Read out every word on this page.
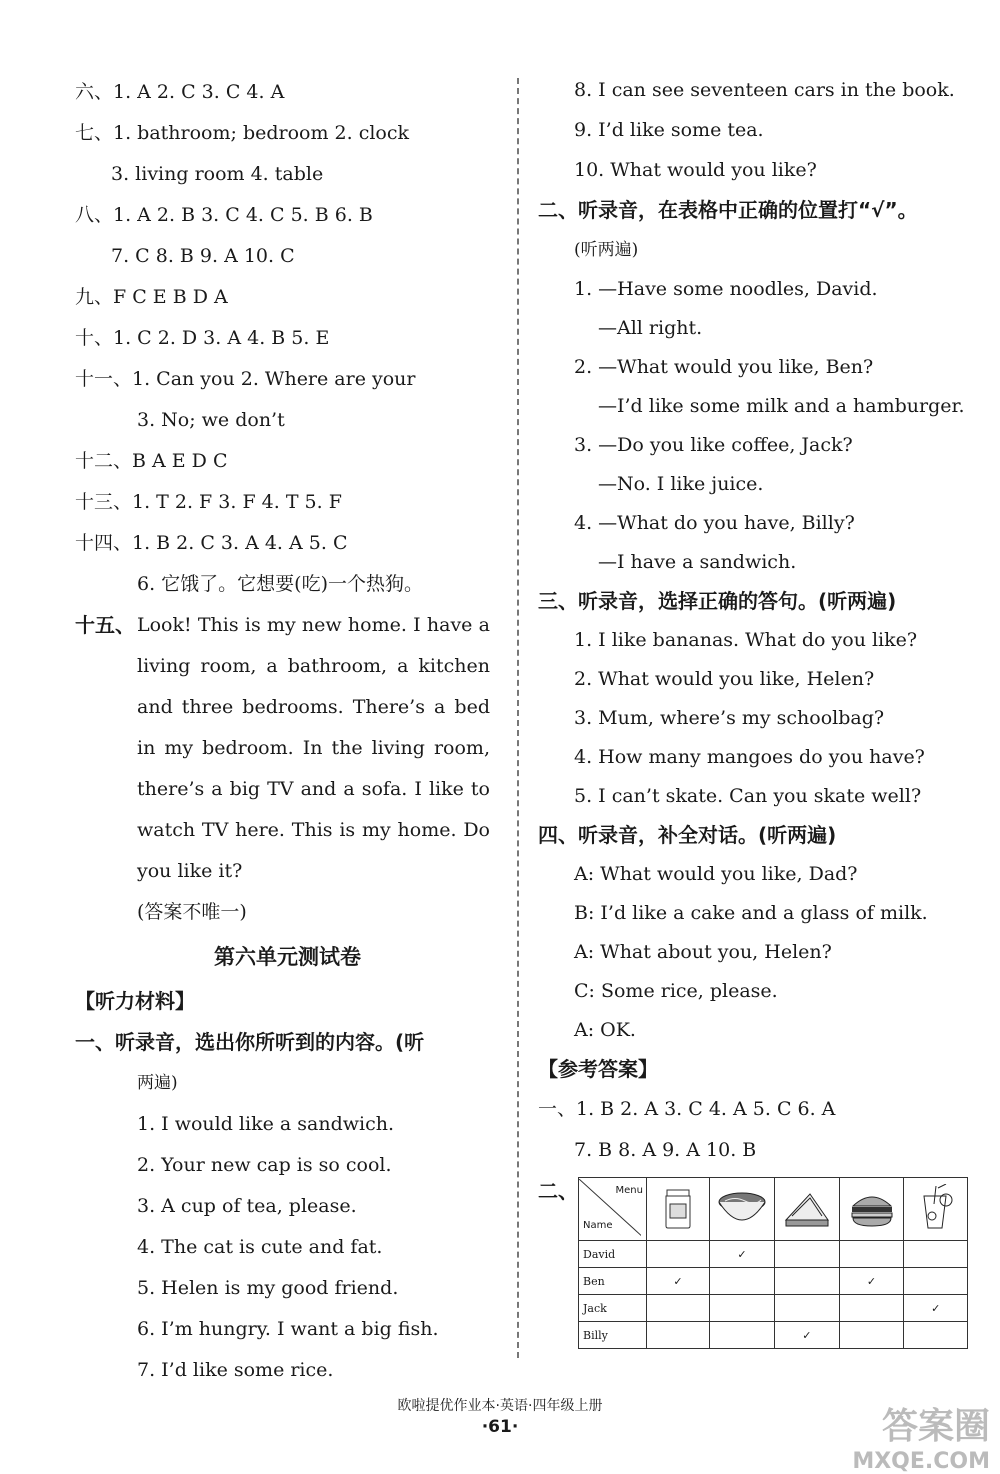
六、1. A 2. C 3. C 4. A
七、1. bathroom; bedroom 2. clock
3. living room 4. table
八、1. A 2. B 3. C 4. C 5. B 6. B
7. C 8. B 9. A 10. C
九、F C E B D A
十、1. C 2. D 3. A 4. B 5. E
十一、1. Can you 2. Where are your
3. No; we don’t
十二、B A E D C
十三、1. T 2. F 3. F 4. T 5. F
十四、1. B 2. C 3. A 4. A 5. C
6. 它饿了。它想要(吃)一个热狗。
十五、 Look! This is my new home. I have a living room, a bathroom, a kitchen and three bedrooms. There’s a bed in my bedroom. In the living room, there’s a big TV and a sofa. I like to watch TV here. This is my home. Do you like it?
(答案不唯一)
第六单元测试卷
【听力材料】
一、听录音，选出你所听到的内容。(听
两遍)
1. I would like a sandwich.
2. Your new cap is so cool.
3. A cup of tea, please.
4. The cat is cute and fat.
5. Helen is my good friend.
6. I’m hungry. I want a big fish.
7. I’d like some rice.
8. I can see seventeen cars in the book.
9. I’d like some tea.
10. What would you like?
二、听录音，在表格中正确的位置打“√”。
(听两遍)
1. —Have some noodles, David.
—All right.
2. —What would you like, Ben?
—I’d like some milk and a hamburger.
3. —Do you like coffee, Jack?
—No. I like juice.
4. —What do you have, Billy?
—I have a sandwich.
三、听录音，选择正确的答句。(听两遍)
1. I like bananas. What do you like?
2. What would you like, Helen?
3. Mum, where’s my schoolbag?
4. How many mangoes do you have?
5. I can’t skate. Can you skate well?
四、听录音，补全对话。(听两遍)
A: What would you like, Dad?
B: I’d like a cake and a glass of milk.
A: What about you, Helen?
C: Some rice, please.
A: OK.
【参考答案】
一、1. B 2. A 3. C 4. A 5. C 6. A
7. B 8. A 9. A 10. B
二、	Menu
Name

David		✓			
Ben	✓			✓	
Jack					✓
Billy			✓		
欧啦提优作业本·英语·四年级上册
·61·	答案圈
MXQE.COM
